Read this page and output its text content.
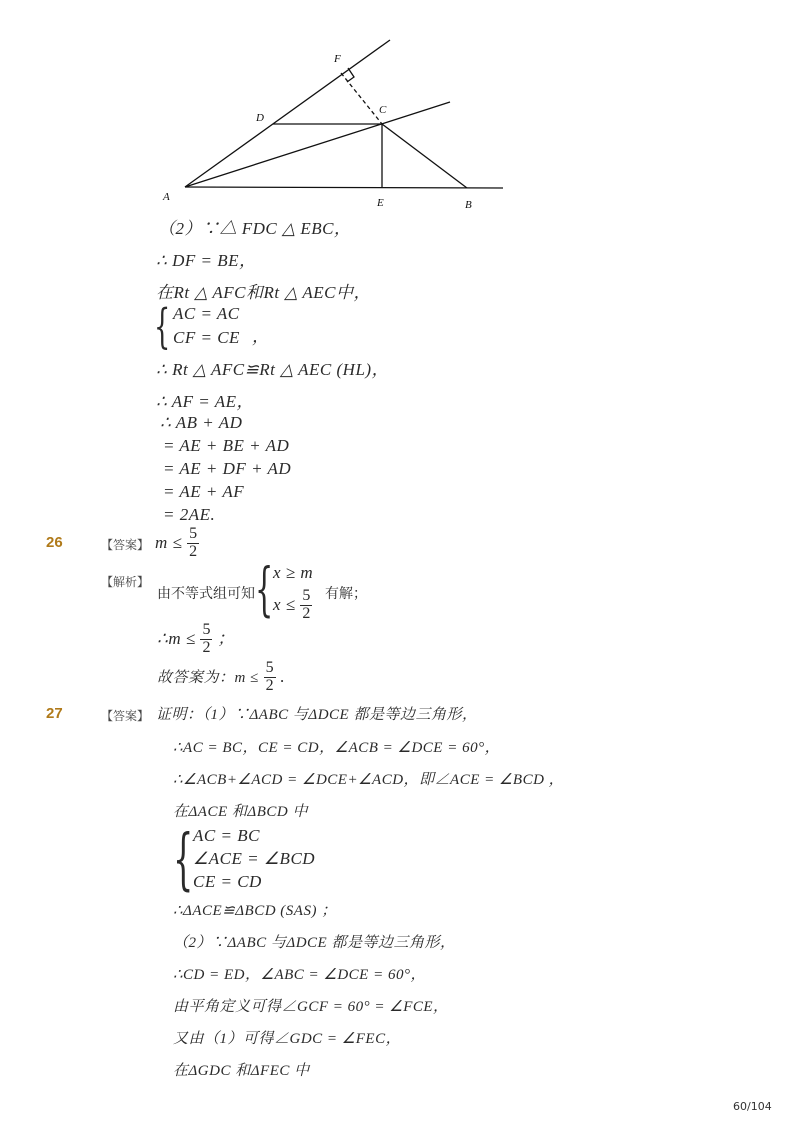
F
D
C
A	E	B
（2）∵△ FDC △ EBC，
∴ DF = BE，
在Rt △ AFC和Rt △ AEC中，
{ AC = AC
CF = CE ，
∴ Rt △ AFC≌Rt △ AEC (HL)，
∴ AF = AE，
∴ AB + AD
= AE + BE + AD
= AE + DF + AD
= AE + AF
= 2AE.
26	【答案】 $m \le \frac{5}{2}$
【解析】
由不等式组可知 { x ≥ m
$x \le \frac{5}{2}$ 有解；
∴m ≤ $\frac{5}{2}$ ；
故答案为：$m \le \frac{5}{2}$ .
27	【答案】 证明：（1）∵ΔABC 与ΔDCE 都是等边三角形，
∴AC = BC，CE = CD，∠ACB = ∠DCE = 60°，
∴∠ACB+∠ACD = ∠DCE+∠ACD，即∠ACE = ∠BCD ，
在ΔACE 和ΔBCD 中
{ AC = BC
∠ACE = ∠BCD
CE = CD
∴ΔACE≌ΔBCD (SAS) ；
（2）∵ΔABC 与ΔDCE 都是等边三角形，
∴CD = ED，∠ABC = ∠DCE = 60°，
由平角定义可得∠GCF = 60° = ∠FCE，
又由（1）可得∠GDC = ∠FEC，
在ΔGDC 和ΔFEC 中
60/104
